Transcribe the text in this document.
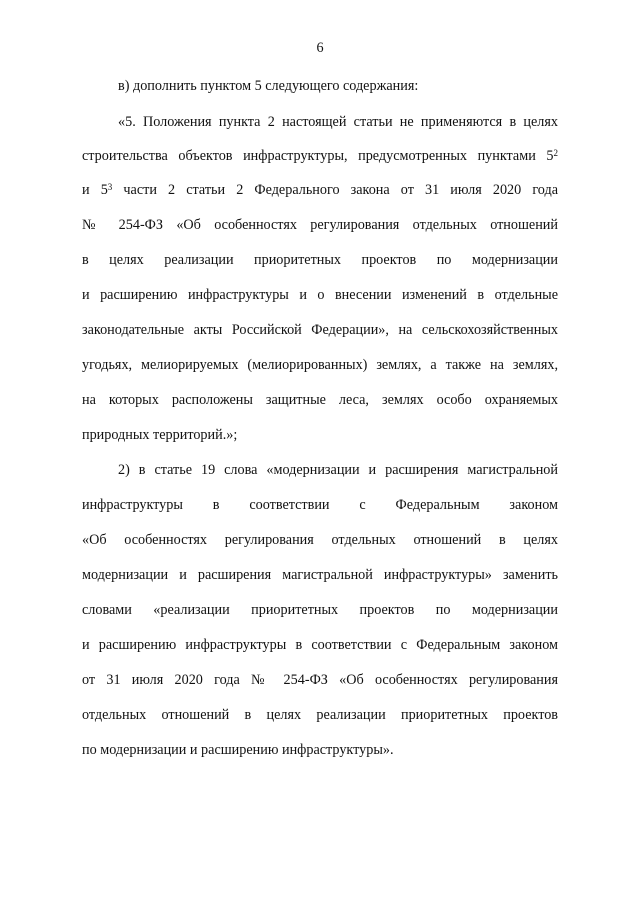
6
в) дополнить пунктом 5 следующего содержания:
«5. Положения пункта 2 настоящей статьи не применяются в целях
строительства объектов инфраструктуры, предусмотренных пунктами $5^2$
и $5^3$ части 2 статьи 2 Федерального закона от 31 июля 2020 года
№ 254-ФЗ «Об особенностях регулирования отдельных отношений
в целях реализации приоритетных проектов по модернизации
и расширению инфраструктуры и о внесении изменений в отдельные
законодательные акты Российской Федерации», на сельскохозяйственных
угодьях, мелиорируемых (мелиорированных) землях, а также на землях,
на которых расположены защитные леса, землях особо охраняемых
природных территорий.»;
2) в статье 19 слова «модернизации и расширения магистральной
инфраструктуры в соответствии с Федеральным законом
«Об особенностях регулирования отдельных отношений в целях
модернизации и расширения магистральной инфраструктуры» заменить
словами «реализации приоритетных проектов по модернизации
и расширению инфраструктуры в соответствии с Федеральным законом
от 31 июля 2020 года № 254-ФЗ «Об особенностях регулирования
отдельных отношений в целях реализации приоритетных проектов
по модернизации и расширению инфраструктуры».
